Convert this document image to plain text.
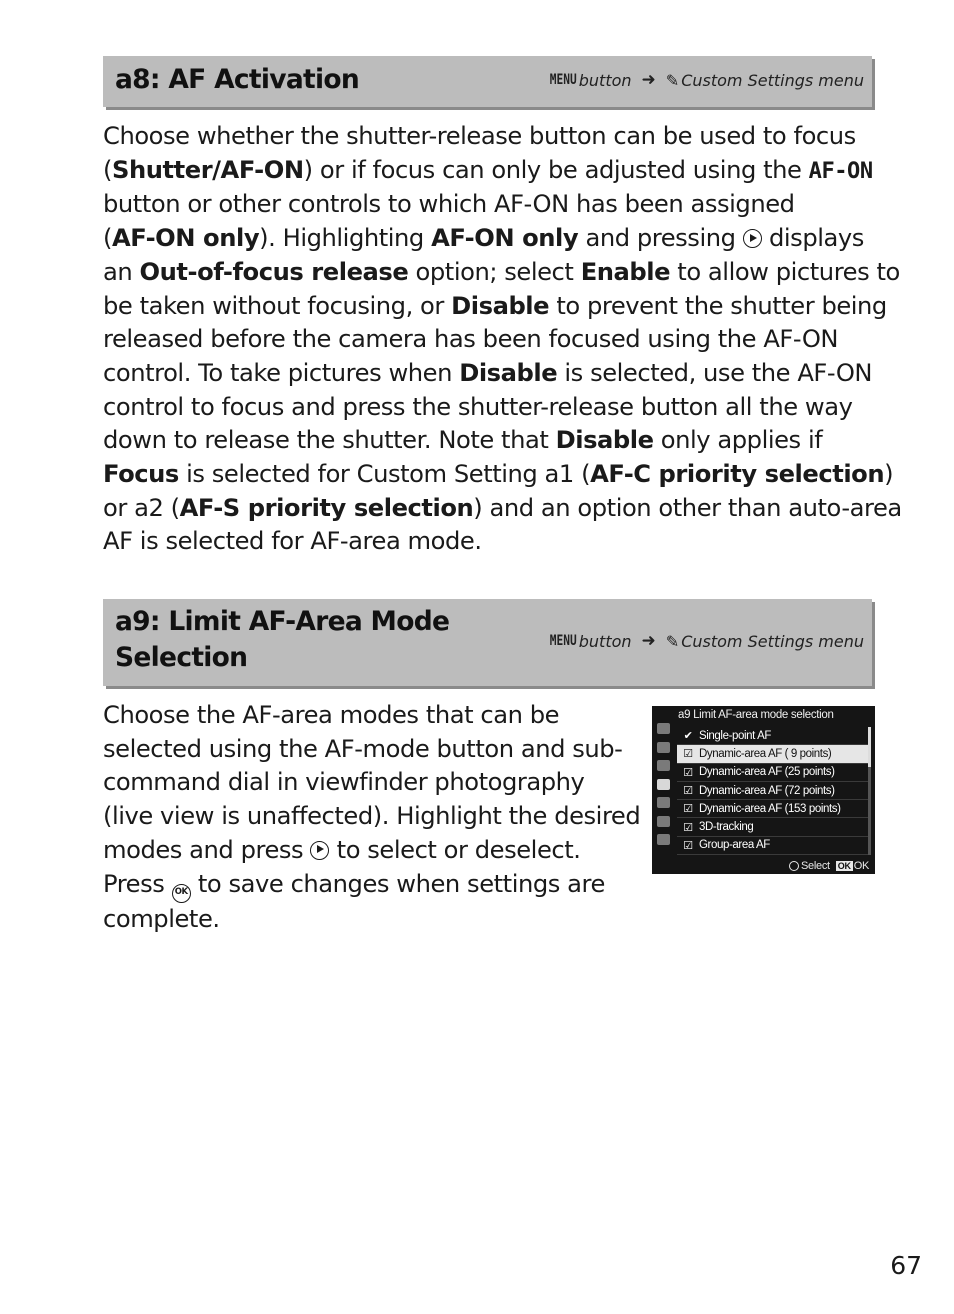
a8: AF Activation	MENU button ➜ ✎ Custom Settings menu

Choose whether the shutter-release button can be used to focus

(Shutter/AF-ON) or if focus can only be adjusted using the AF-ON

button or other controls to which AF-ON has been assigned

(AF-ON only). Highlighting AF-ON only and pressing  displays

an Out-of-focus release option; select Enable to allow pictures to

be taken without focusing, or Disable to prevent the shutter being

released before the camera has been focused using the AF-ON

control. To take pictures when Disable is selected, use the AF-ON

control to focus and press the shutter-release button all the way

down to release the shutter. Note that Disable only applies if

Focus is selected for Custom Setting a1 (AF-C priority selection)

or a2 (AF-S priority selection) and an option other than auto-area

AF is selected for AF-area mode.

a9: Limit AF-Area Mode
Selection
MENU button ➜ ✎ Custom Settings menu

Choose the AF-area modes that can be

selected using the AF-mode button and sub-

command dial in viewfinder photography

(live view is unaffected). Highlight the desired

modes and press  to select or deselect.

Press OK to save changes when settings are

complete.

a9 Limit AF-area mode selection
✔ Single-point AF
☑ Dynamic-area AF ( 9 points)
☑ Dynamic-area AF (25 points)
☑ Dynamic-area AF (72 points)
☑ Dynamic-area AF (153 points)
☑ 3D-tracking
☑ Group-area AF
Select OK OK
67
